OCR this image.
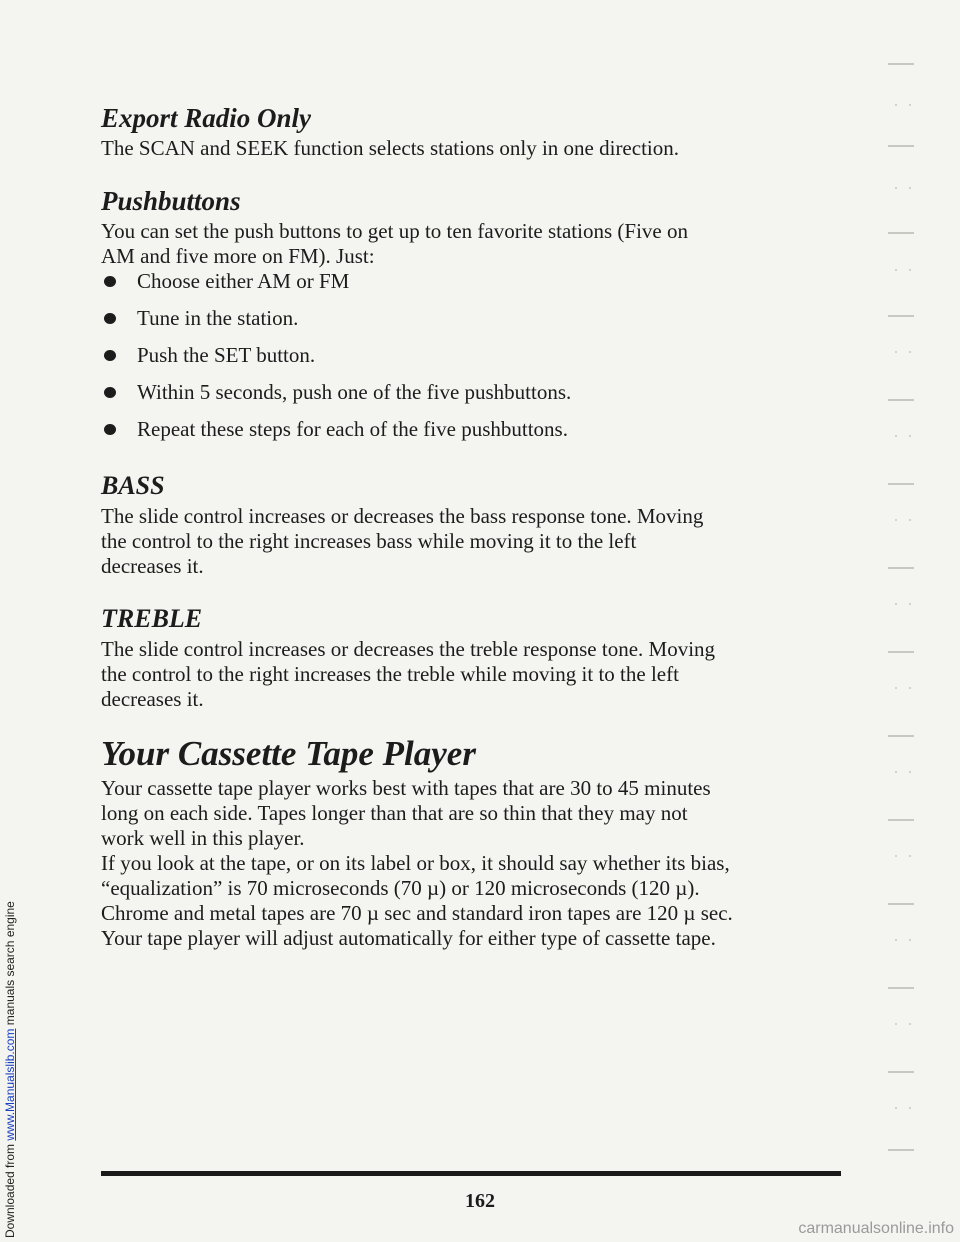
Downloaded from www.Manualslib.com manuals search engine
Export Radio Only

The SCAN and SEEK function selects stations only in one direction.

Pushbuttons

You can set the push buttons to get up to ten favorite stations (Five on

AM and five more on FM). Just:

Choose either AM or FM
Tune in the station.
Push the SET button.
Within 5 seconds, push one of the five pushbuttons.
Repeat these steps for each of the five pushbuttons.
BASS

The slide control increases or decreases the bass response tone. Moving

the control to the right increases bass while moving it to the left

decreases it.

TREBLE

The slide control increases or decreases the treble response tone. Moving

the control to the right increases the treble while moving it to the left

decreases it.

Your Cassette Tape Player

Your cassette tape player works best with tapes that are 30 to 45 minutes

long on each side. Tapes longer than that are so thin that they may not

work well in this player.

If you look at the tape, or on its label or box, it should say whether its bias,

“equalization” is 70 microseconds (70 µ) or 120 microseconds (120 µ).

Chrome and metal tapes are 70 µ sec and standard iron tapes are 120 µ sec.

Your tape player will adjust automatically for either type of cassette tape.

162
carmanualsonline.info
